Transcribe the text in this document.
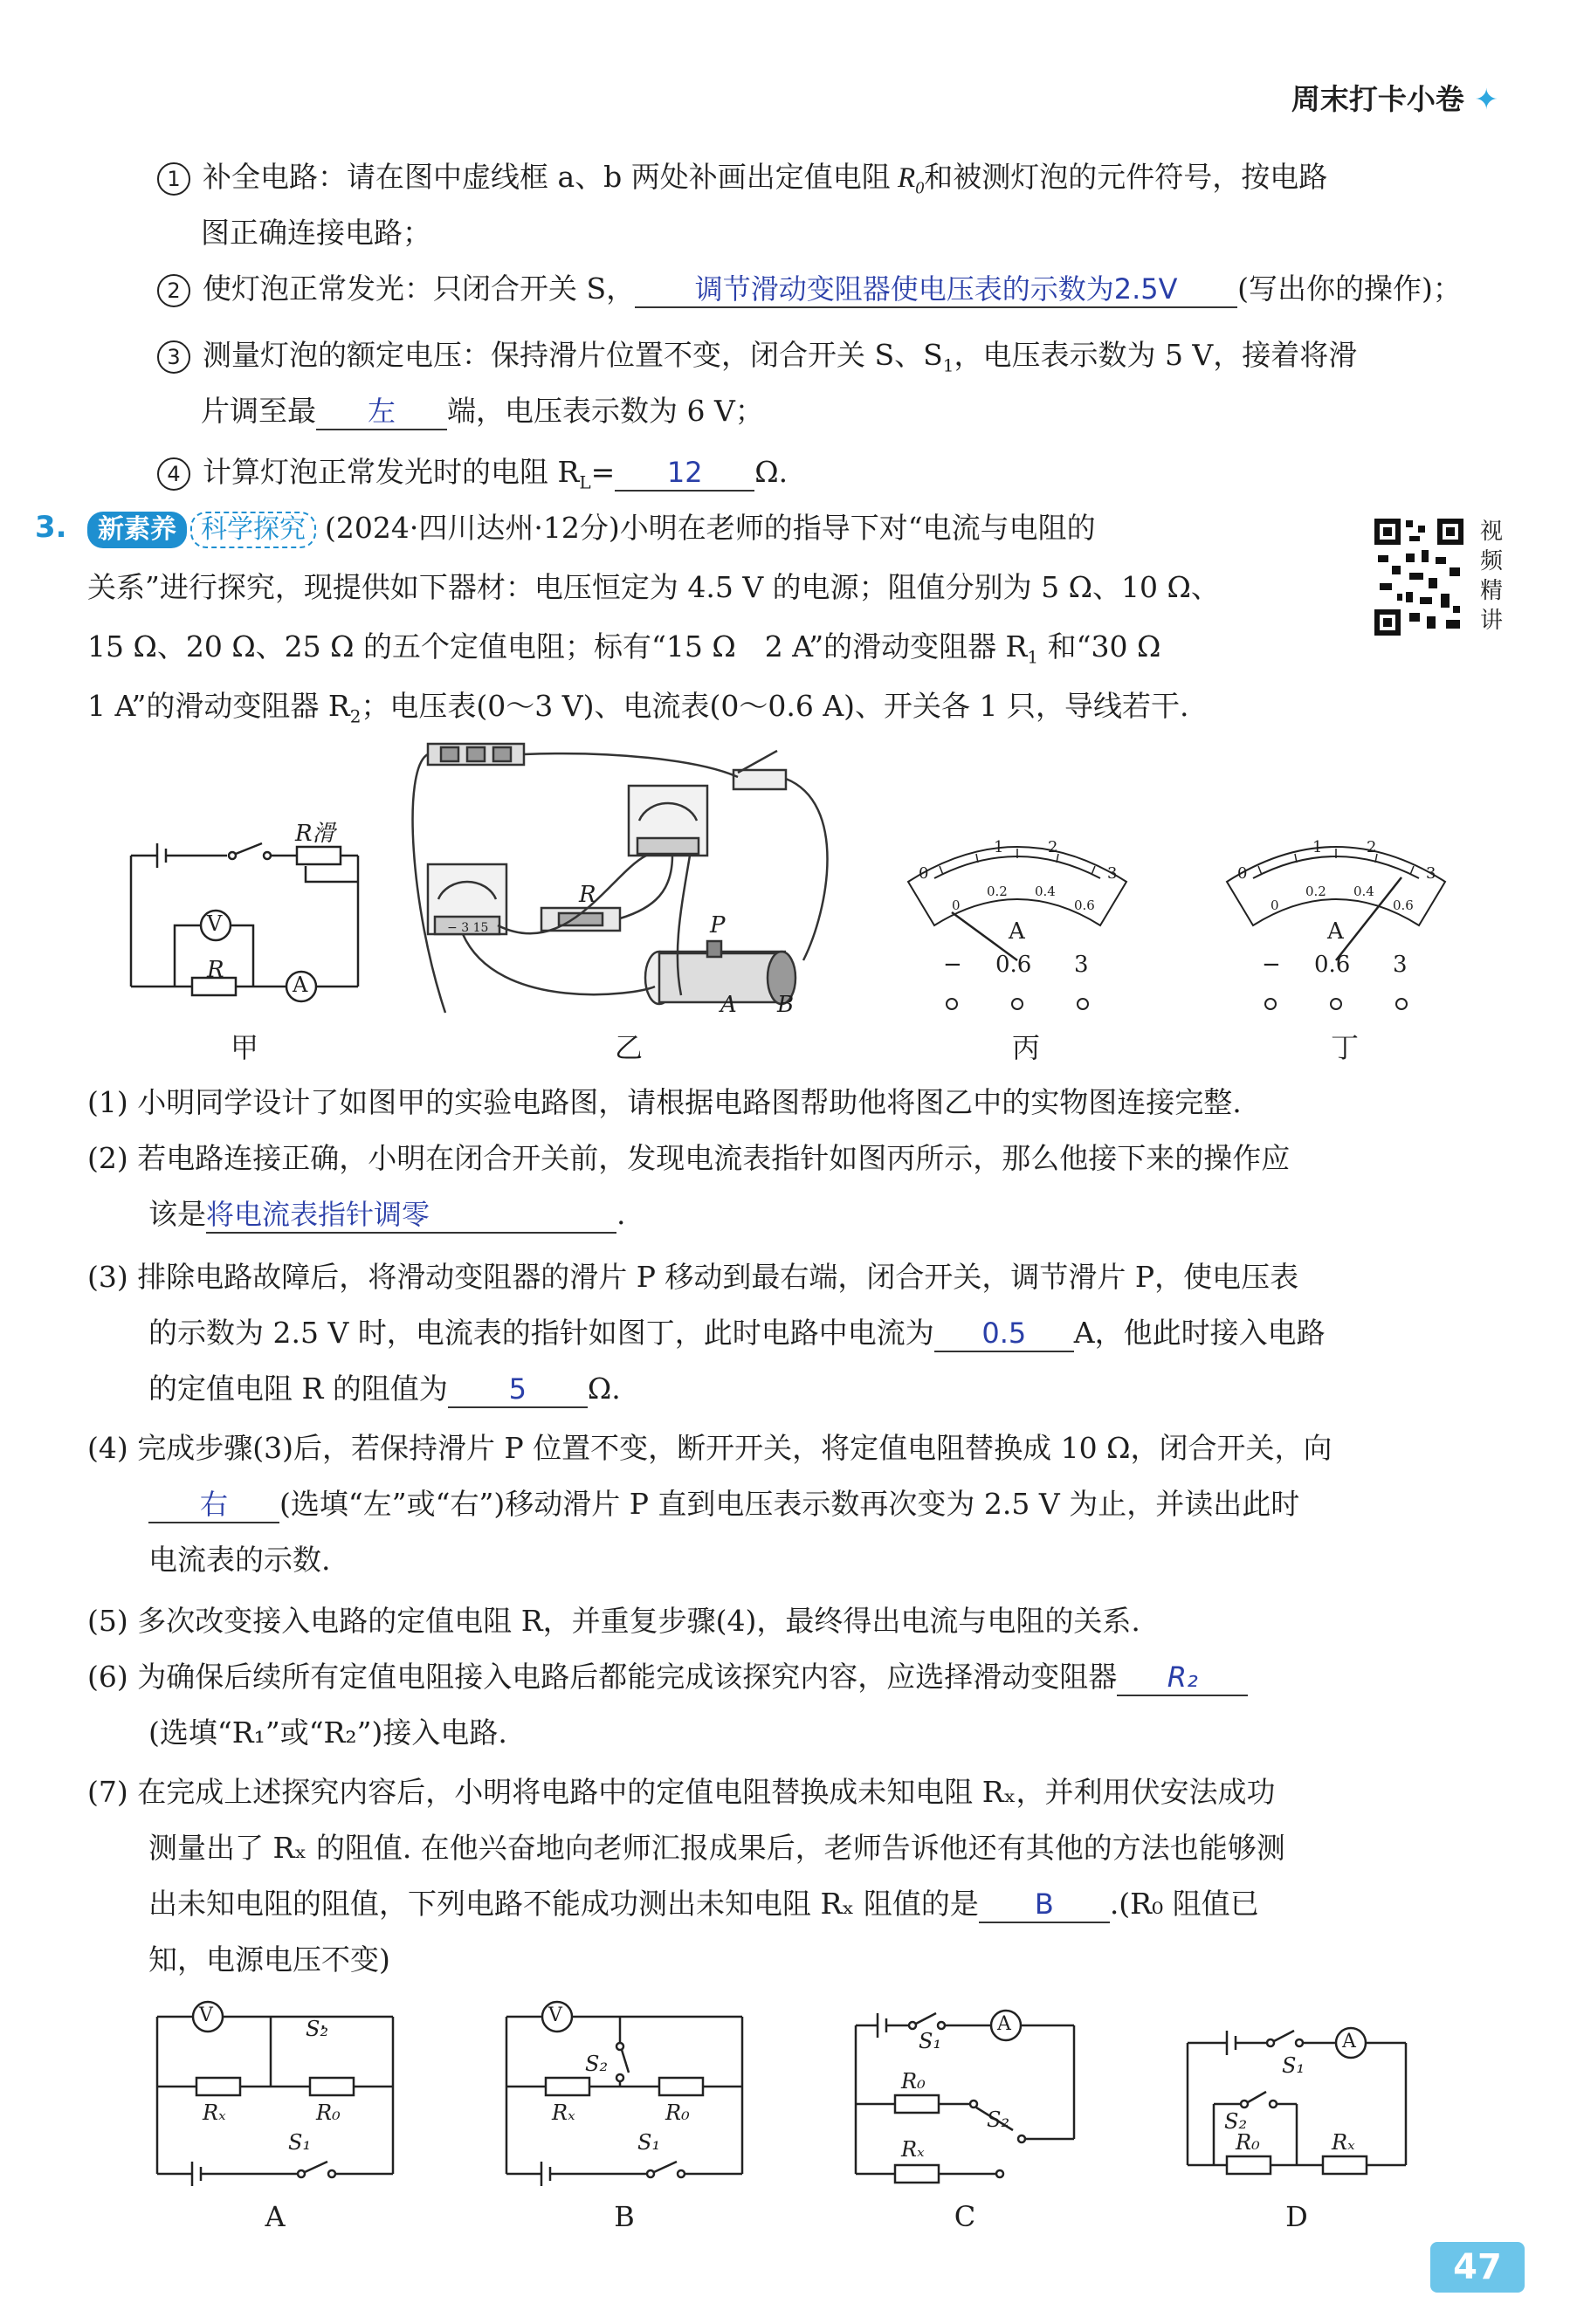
周末打卡小卷 ✦
1 补全电路：请在图中虚线框 a、b 两处补画出定值电阻 $R_0$和被测灯泡的元件符号，按电路
图正确连接电路；
2 使灯泡正常发光：只闭合开关 S， 调节滑动变阻器使电压表的示数为2.5V (写出你的操作)；
3 测量灯泡的额定电压：保持滑片位置不变，闭合开关 S、$S_1$，电压表示数为 5 V，接着将滑
片调至最 左 端，电压表示数为 6 V；
4 计算灯泡正常发光时的电阻 $R_L= 12$ Ω.
3.	新素养 科学探究 (2024·四川达州·12分)小明在老师的指导下对“电流与电阻的
关系”进行探究，现提供如下器材：电压恒定为 4.5 V 的电源；阻值分别为 5 Ω、10 Ω、
15 Ω、20 Ω、25 Ω 的五个定值电阻；标有“15 Ω　2 A”的滑动变阻器 $R_1$ 和“30 Ω
1 A”的滑动变阻器 $R_2$；电压表(0～3 V)、电流表(0～0.6 A)、开关各 1 只，导线若干.
视
频
精
讲
R滑
R
V
A
甲
R
P
A B
− 3 15
乙
0
1	2
3
0
0.2 0.4
0.6
A
− 0.6 3
丙
0
1	2
3
0
0.2 0.4
0.6
A
− 0.6 3
丁
(1) 小明同学设计了如图甲的实验电路图，请根据电路图帮助他将图乙中的实物图连接完整.
(2) 若电路连接正确，小明在闭合开关前，发现电流表指针如图丙所示，那么他接下来的操作应
该是将电流表指针调零	.
(3) 排除电路故障后，将滑动变阻器的滑片 P 移动到最右端，闭合开关，调节滑片 P，使电压表
的示数为 2.5 V 时，电流表的指针如图丁，此时电路中电流为 0.5 A，他此时接入电路
的定值电阻 R 的阻值为 5 Ω.
(4) 完成步骤(3)后，若保持滑片 P 位置不变，断开开关，将定值电阻替换成 10 Ω，闭合开关，向
右 (选填“左”或“右”)移动滑片 P 直到电压表示数再次变为 2.5 V 为止，并读出此时
电流表的示数.
(5) 多次改变接入电路的定值电阻 R，并重复步骤(4)，最终得出电流与电阻的关系.
(6) 为确保后续所有定值电阻接入电路后都能完成该探究内容，应选择滑动变阻器 R₂
(选填“R₁”或“R₂”)接入电路.
(7) 在完成上述探究内容后，小明将电路中的定值电阻替换成未知电阻 Rₓ，并利用伏安法成功
测量出了 Rₓ 的阻值. 在他兴奋地向老师汇报成果后，老师告诉他还有其他的方法也能够测
出未知电阻的阻值，下列电路不能成功测出未知电阻 Rₓ 阻值的是 B .(R₀ 阻值已
知，电源电压不变)
V
S₂
Rₓ	R₀
S₁
A
V
S₂
Rₓ	R₀
S₁
B
A
S₁
R₀
S₂
Rₓ
C
A
S₁
S₂
R₀	Rₓ
D
47
